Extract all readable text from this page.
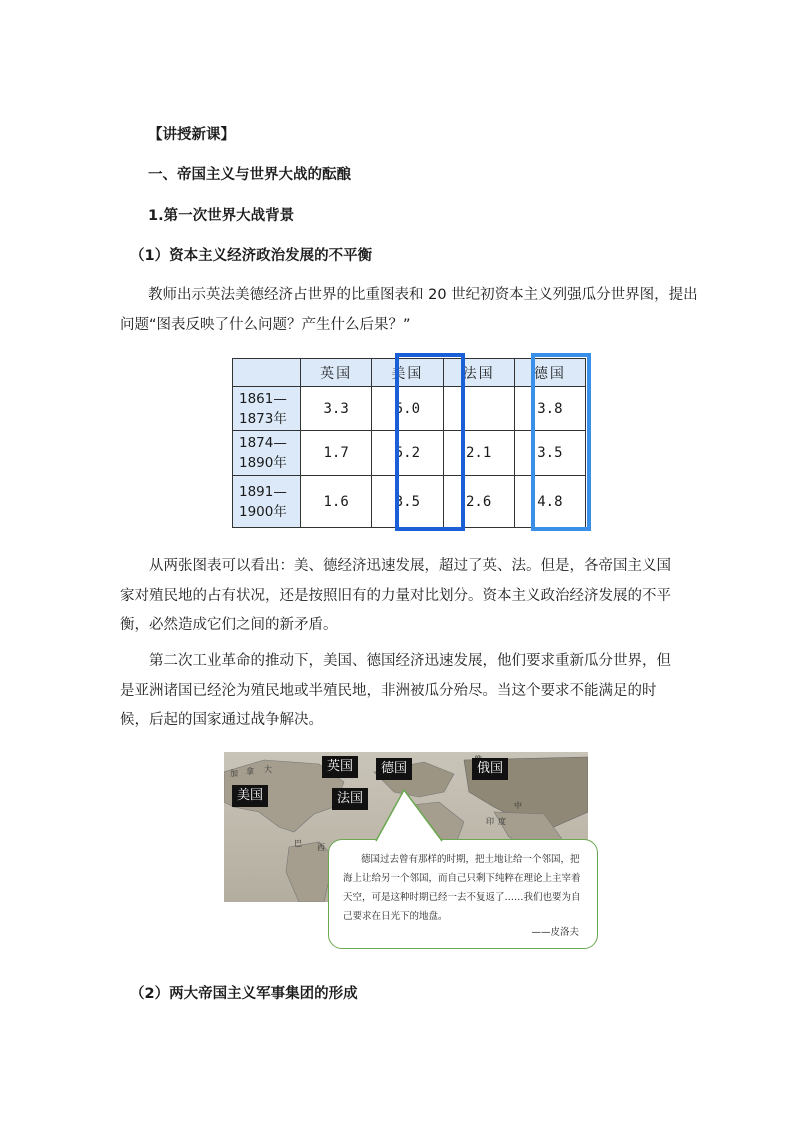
【讲授新课】
一、帝国主义与世界大战的酝酿
1.第一次世界大战背景
（1）资本主义经济政治发展的不平衡
教师出示英法美德经济占世界的比重图表和 20 世纪初资本主义列强瓜分世界图，提出
问题“图表反映了什么问题？产生什么后果？”
	英国	美国	法国	德国
1861—
1873年	3.3	5.0		3.8
1874—
1890年	1.7	5.2	2.1	3.5
1891—
1900年	1.6	3.5	2.6	4.8
从两张图表可以看出：美、德经济迅速发展，超过了英、法。但是，各帝国主义国家对殖民地的占有状况，还是按照旧有的力量对比划分。资本主义政治经济发展的不平衡，必然造成它们之间的新矛盾。
第二次工业革命的推动下，美国、德国经济迅速发展，他们要求重新瓜分世界，但是亚洲诸国已经沦为殖民地或半殖民地，非洲被瓜分殆尽。当这个要求不能满足的时候，后起的国家通过战争解决。
加 拿 大
中
印 度
巴 西
英国	德国	俄国
美国	法国
德国过去曾有那样的时期，把土地让给一个邻国，把海上让给另一个邻国，而自己只剩下纯粹在理论上主宰着天空，可是这种时期已经一去不复返了……我们也要为自己要求在日光下的地盘。
——皮洛夫
（2）两大帝国主义军事集团的形成
